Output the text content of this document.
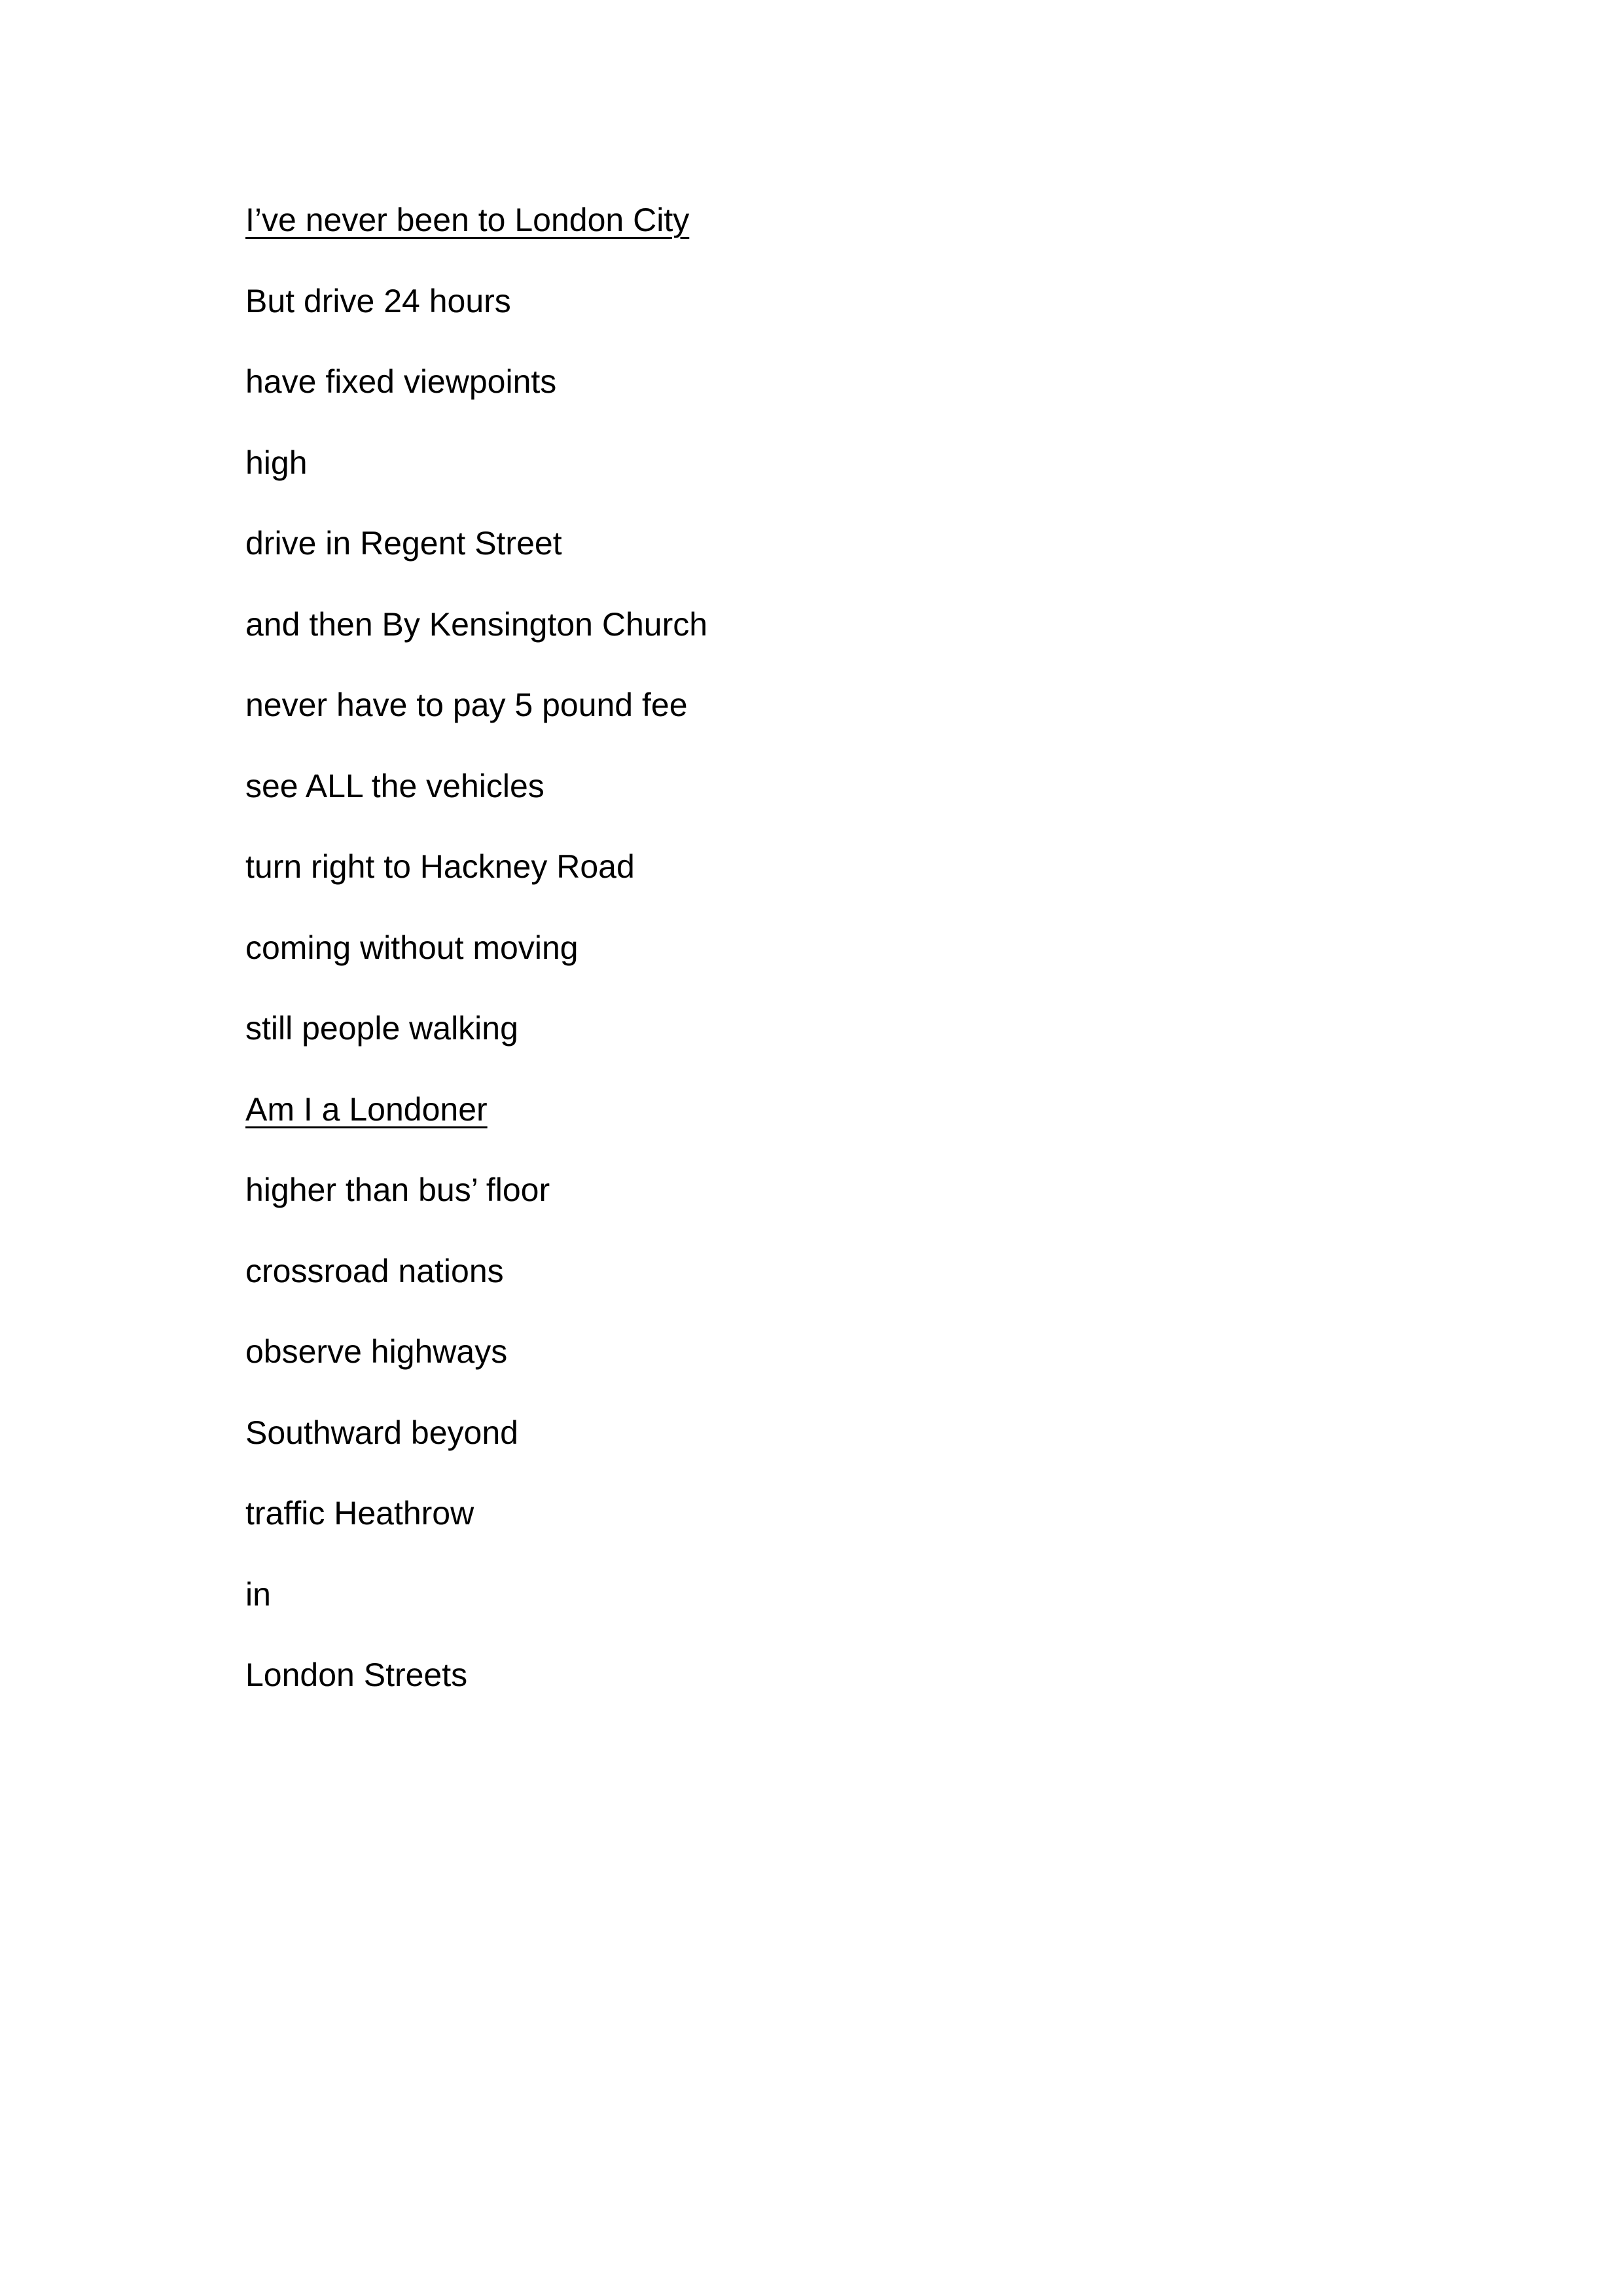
I’ve never been to London City
But drive 24 hours
have fixed viewpoints
high
drive in Regent Street
and then By Kensington Church
never have to pay 5 pound fee
see ALL the vehicles
turn right to Hackney Road
coming without moving
still people walking
Am I a Londoner
higher than bus’ floor
crossroad nations
observe highways
Southward beyond
traffic Heathrow
in
London Streets
